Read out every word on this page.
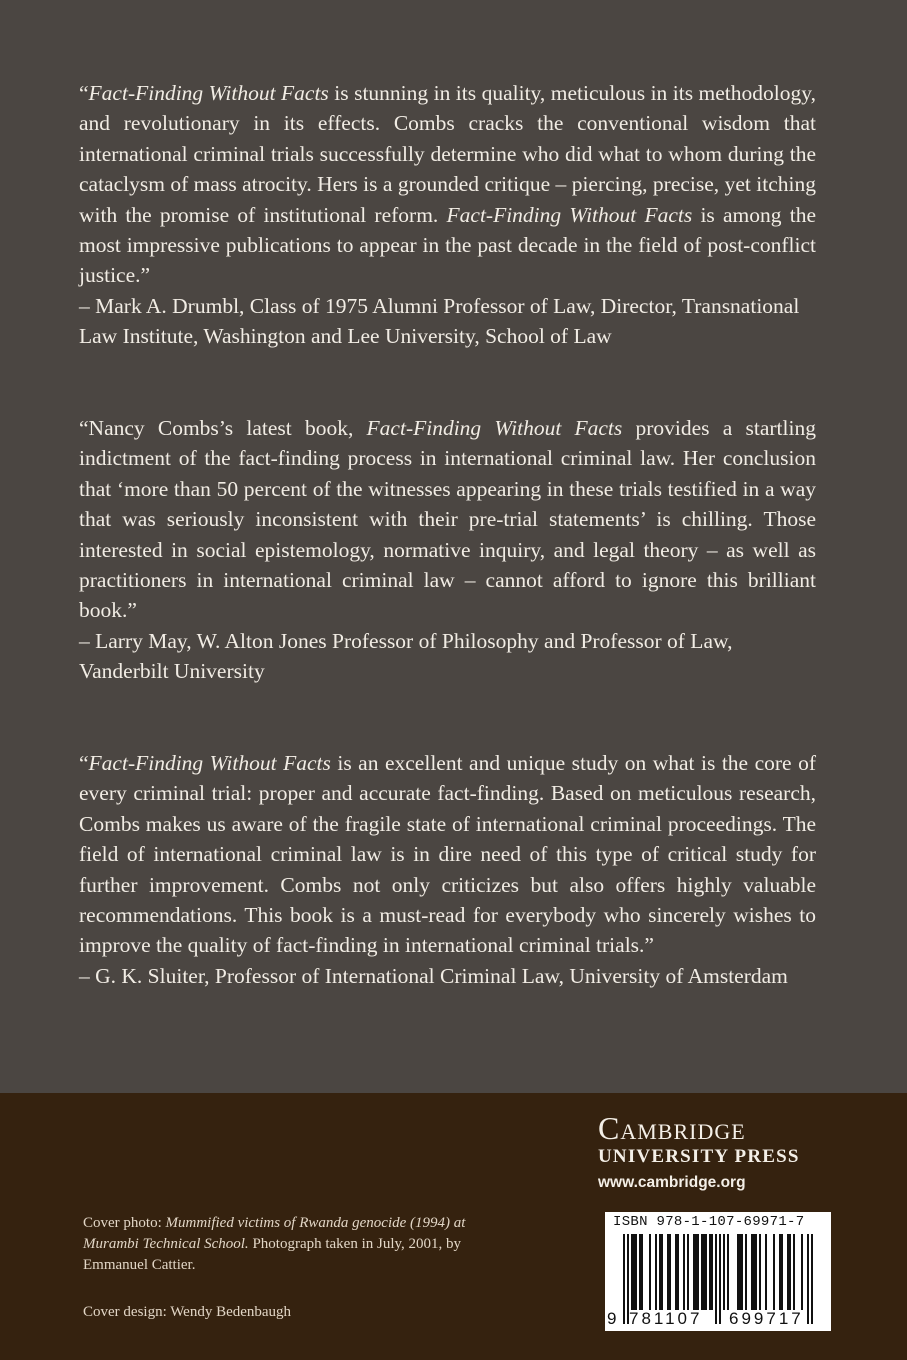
“Fact-Finding Without Facts is stunning in its quality, meticulous in its methodology, and revolutionary in its effects. Combs cracks the conventional wisdom that international criminal trials successfully determine who did what to whom during the cataclysm of mass atrocity. Hers is a grounded critique – piercing, precise, yet itching with the promise of institutional reform. Fact-Finding Without Facts is among the most impressive publications to appear in the past decade in the field of post-conflict justice.”

– Mark A. Drumbl, Class of 1975 Alumni Professor of Law, Director, Transnational Law Institute, Washington and Lee University, School of Law

“Nancy Combs’s latest book, Fact-Finding Without Facts provides a startling indictment of the fact-finding process in international criminal law. Her conclusion that ‘more than 50 percent of the witnesses appearing in these trials testified in a way that was seriously inconsistent with their pre-trial statements’ is chilling. Those interested in social epistemology, normative inquiry, and legal theory – as well as practitioners in international criminal law – cannot afford to ignore this brilliant book.”

– Larry May, W. Alton Jones Professor of Philosophy and Professor of Law, Vanderbilt University

“Fact-Finding Without Facts is an excellent and unique study on what is the core of every criminal trial: proper and accurate fact-finding. Based on meticulous research, Combs makes us aware of the fragile state of international criminal proceedings. The field of international criminal law is in dire need of this type of critical study for further improvement. Combs not only criticizes but also offers highly valuable recommendations. This book is a must-read for everybody who sincerely wishes to improve the quality of fact-finding in international criminal trials.”

– G. K. Sluiter, Professor of International Criminal Law, University of Amsterdam

Cambridge
UNIVERSITY PRESS
www.cambridge.org

Cover photo: Mummified victims of Rwanda genocide (1994) at Murambi Technical School. Photograph taken in July, 2001, by Emmanuel Cattier.

Cover design: Wendy Bedenbaugh
ISBN 978-1-107-69971-7
9 781107 699717
